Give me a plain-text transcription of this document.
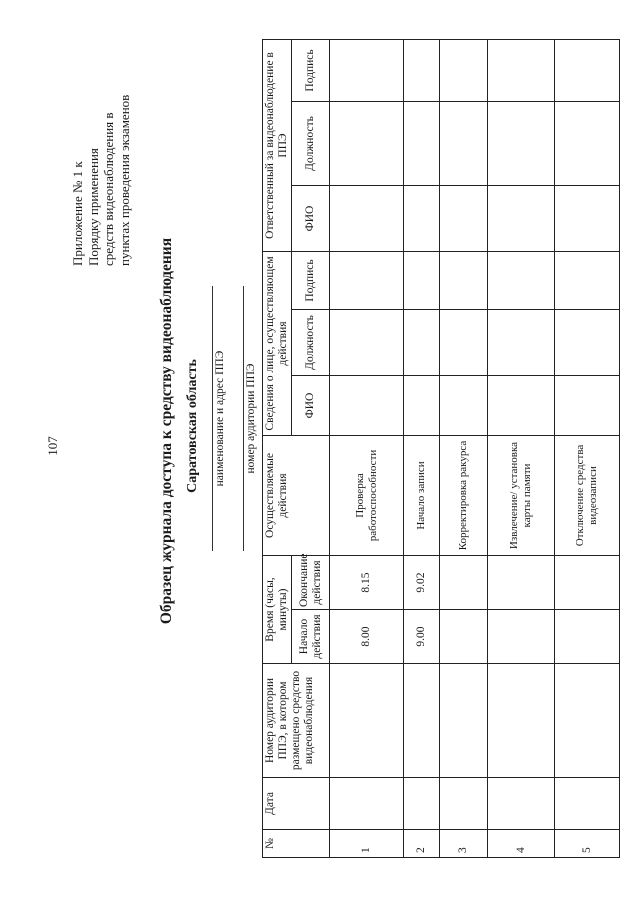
107
Приложение № 1 к Порядку применения средств видеонаблюдения в пунктах проведения экзаменов
Образец журнала доступа к средству видеонаблюдения Саратовская область наименование и адрес ППЭ номер аудитории ППЭ
№	Дата	Номер аудитории ППЭ, в котором размещено средство видеонаблюдения	Время (часы, минуты)		Осуществляемые действия	Сведения о лице, осуществляющем действия			Ответственный за видеонаблюдение в ППЭ		
			Начало действия	Окончание действия		ФИО	Должность	Подпись	ФИО	Должность	Подпись
1			8.00	8.15	Проверка работоспособности						
2			9.00	9.02	Начало записи						
3					Корректировка ракурса						
4					Извлечение/ установка карты памяти						
5					Отключение средства видеозаписи						
